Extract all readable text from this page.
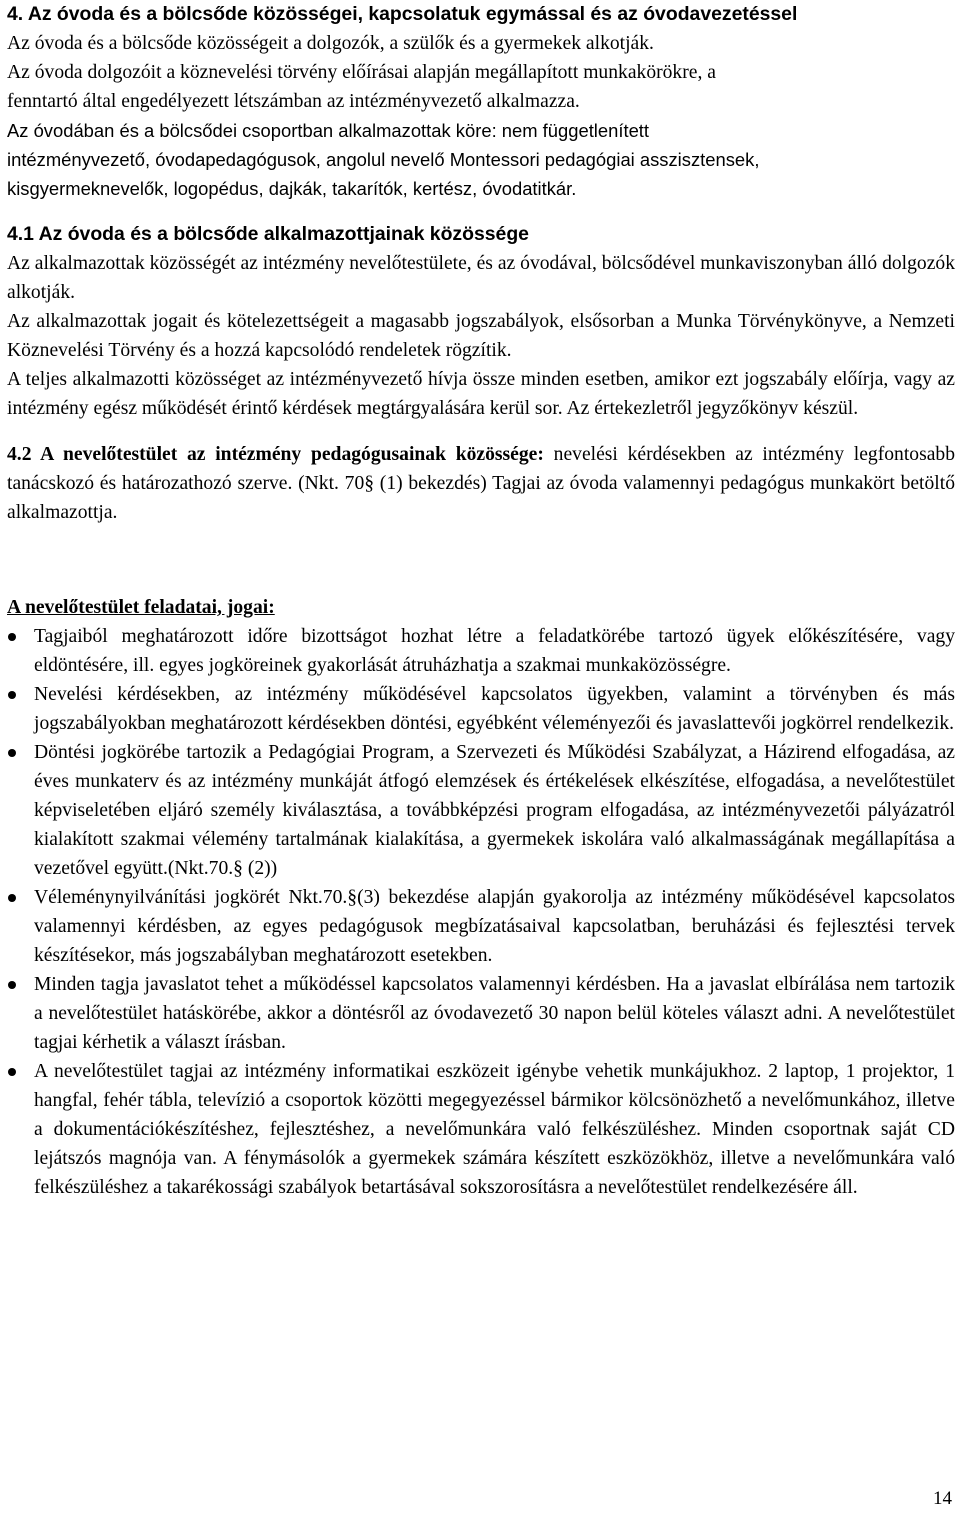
4. Az óvoda és a bölcsőde közösségei, kapcsolatuk egymással és az óvodavezetéssel

Az óvoda és a bölcsőde közösségeit a dolgozók, a szülők és a gyermekek alkotják.

Az óvoda dolgozóit a köznevelési törvény előírásai alapján megállapított munkakörökre, a

fenntartó által engedélyezett létszámban az intézményvezető alkalmazza.

Az óvodában és a bölcsődei csoportban alkalmazottak köre: nem függetlenített

intézményvezető, óvodapedagógusok, angolul nevelő Montessori pedagógiai asszisztensek,

kisgyermeknevelők, logopédus, dajkák, takarítók, kertész, óvodatitkár.

4.1 Az óvoda és a bölcsőde alkalmazottjainak közössége

Az alkalmazottak közösségét az intézmény nevelőtestülete, és az óvodával, bölcsődével munkaviszonyban álló dolgozók alkotják.

Az alkalmazottak jogait és kötelezettségeit a magasabb jogszabályok, elsősorban a Munka Törvénykönyve, a Nemzeti Köznevelési Törvény és a hozzá kapcsolódó rendeletek rögzítik.

A teljes alkalmazotti közösséget az intézményvezető hívja össze minden esetben, amikor ezt jogszabály előírja, vagy az intézmény egész működését érintő kérdések megtárgyalására kerül sor. Az értekezletről jegyzőkönyv készül.

4.2 A nevelőtestület az intézmény pedagógusainak közössége: nevelési kérdésekben az intézmény legfontosabb tanácskozó és határozathozó szerve. (Nkt. 70§ (1) bekezdés) Tagjai az óvoda valamennyi pedagógus munkakört betöltő alkalmazottja.

A nevelőtestület feladatai, jogai:

Tagjaiból meghatározott időre bizottságot hozhat létre a feladatkörébe tartozó ügyek előkészítésére, vagy eldöntésére, ill. egyes jogköreinek gyakorlását átruházhatja a szakmai munkaközösségre.
Nevelési kérdésekben, az intézmény működésével kapcsolatos ügyekben, valamint a törvényben és más jogszabályokban meghatározott kérdésekben döntési, egyébként véleményezői és javaslattevői jogkörrel rendelkezik.
Döntési jogkörébe tartozik a Pedagógiai Program, a Szervezeti és Működési Szabályzat, a Házirend elfogadása, az éves munkaterv és az intézmény munkáját átfogó elemzések és értékelések elkészítése, elfogadása, a nevelőtestület képviseletében eljáró személy kiválasztása, a továbbképzési program elfogadása, az intézményvezetői pályázatról kialakított szakmai vélemény tartalmának kialakítása, a gyermekek iskolára való alkalmasságának megállapítása a vezetővel együtt.(Nkt.70.§ (2))
Véleménynyilvánítási jogkörét Nkt.70.§(3) bekezdése alapján gyakorolja az intézmény működésével kapcsolatos valamennyi kérdésben, az egyes pedagógusok megbízatásaival kapcsolatban, beruházási és fejlesztési tervek készítésekor, más jogszabályban meghatározott esetekben.
Minden tagja javaslatot tehet a működéssel kapcsolatos valamennyi kérdésben. Ha a javaslat elbírálása nem tartozik a nevelőtestület hatáskörébe, akkor a döntésről az óvodavezető 30 napon belül köteles választ adni. A nevelőtestület tagjai kérhetik a választ írásban.
A nevelőtestület tagjai az intézmény informatikai eszközeit igénybe vehetik munkájukhoz. 2 laptop, 1 projektor, 1 hangfal, fehér tábla, televízió a csoportok közötti megegyezéssel bármikor kölcsönözhető a nevelőmunkához, illetve a dokumentációkészítéshez, fejlesztéshez, a nevelőmunkára való felkészüléshez. Minden csoportnak saját CD lejátszós magnója van. A fénymásolók a gyermekek számára készített eszközökhöz, illetve a nevelőmunkára való felkészüléshez a takarékossági szabályok betartásával sokszorosításra a nevelőtestület rendelkezésére áll.
14
